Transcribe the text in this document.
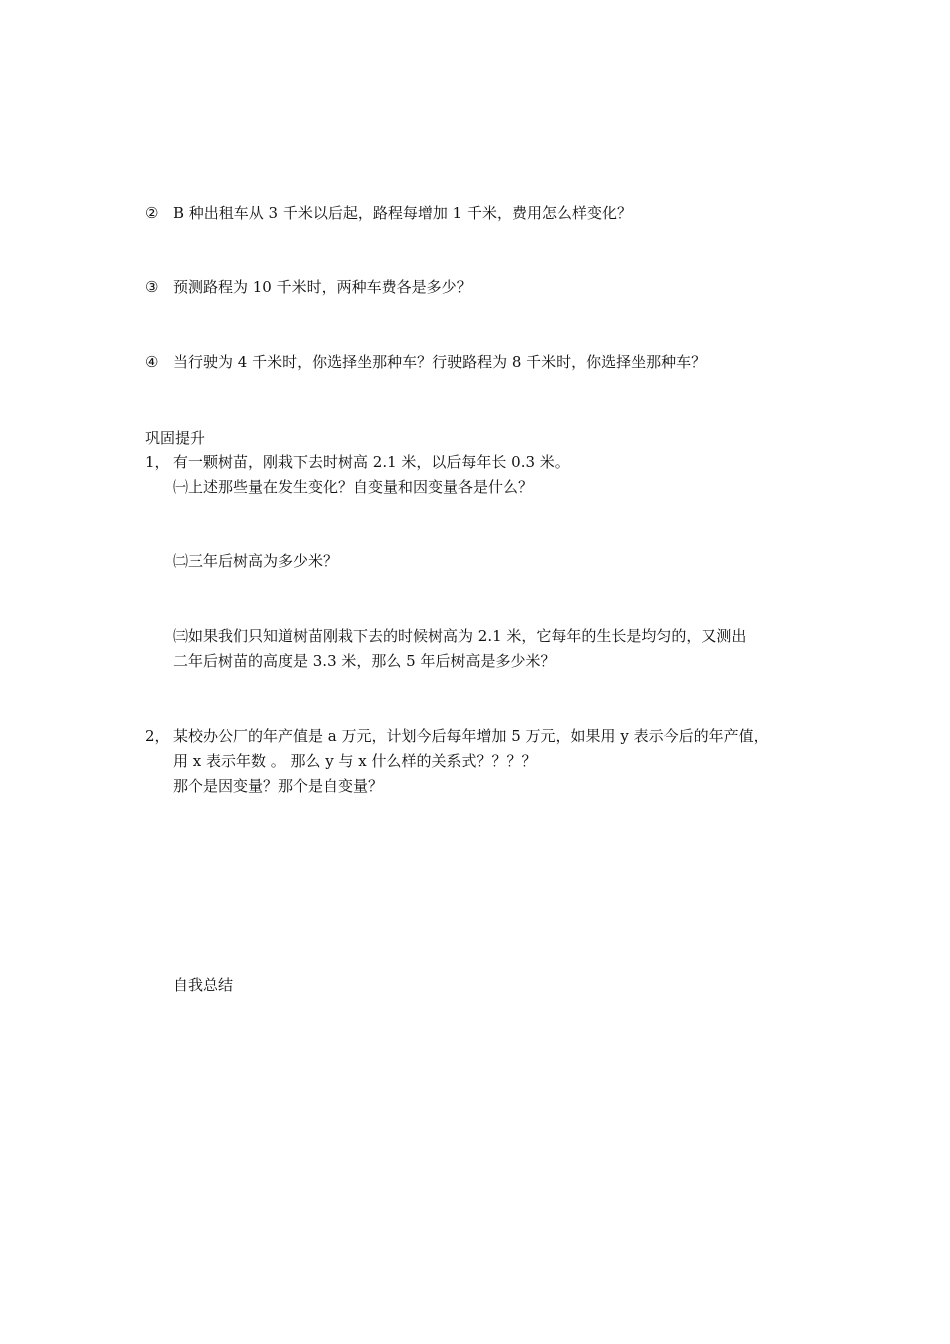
② B 种出租车从 3 千米以后起，路程每增加 1 千米，费用怎么样变化？
③ 预测路程为 10 千米时，两种车费各是多少？
④ 当行驶为 4 千米时，你选择坐那种车？行驶路程为 8 千米时，你选择坐那种车？
巩固提升
1， 有一颗树苗，刚栽下去时树高 2.1 米，以后每年长 0.3 米。
㈠上述那些量在发生变化？自变量和因变量各是什么？
㈡三年后树高为多少米？
㈢如果我们只知道树苗刚栽下去的时候树高为 2.1 米，它每年的生长是均匀的，又测出
二年后树苗的高度是 3.3 米，那么 5 年后树高是多少米？
2， 某校办公厂的年产值是 a 万元，计划今后每年增加 5 万元，如果用 y 表示今后的年产值，
用 x 表示年数 。 那么 y 与 x 什么样的关系式？？？？
那个是因变量？那个是自变量？
自我总结
